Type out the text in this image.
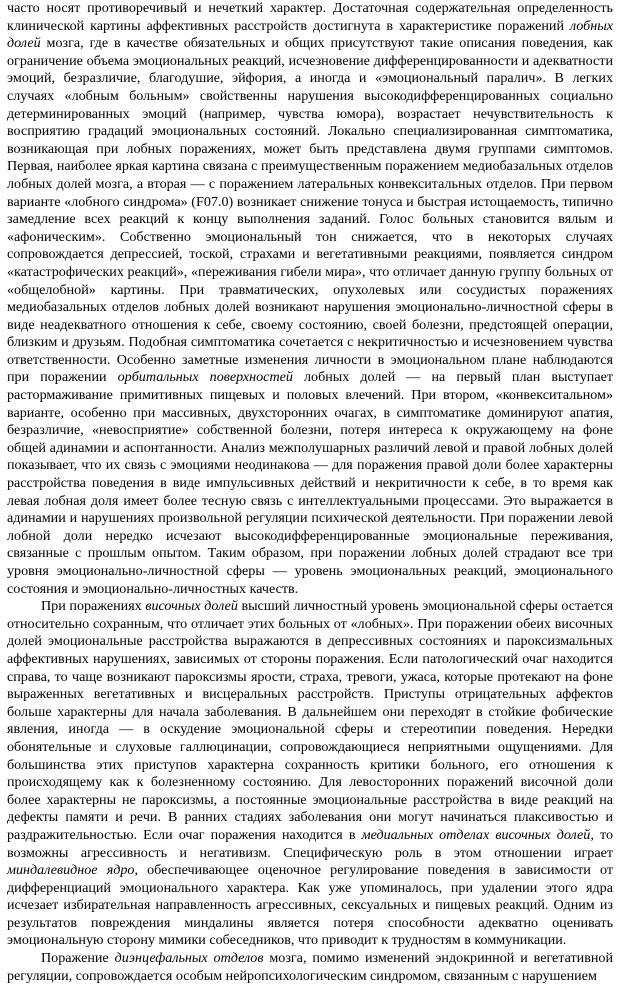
часто носят противоречивый и нечеткий характер. Достаточная содержательная определенность клинической картины аффективных расстройств достигнута в характеристике поражений лобных долей мозга, где в качестве обязательных и общих присутствуют такие описания поведения, как ограничение объема эмоциональных реакций, исчезновение дифференцированности и адекватности эмоций, безразличие, благодушие, эйфория, а иногда и «эмоциональный паралич». В легких случаях «лобным больным» свойственны нарушения высокодифференцированных социально детерминированных эмоций (например, чувства юмора), возрастает нечувствительность к восприятию градаций эмоциональных состояний. Локально специализированная симптоматика, возникающая при лобных поражениях, может быть представлена двумя группами симптомов. Первая, наиболее яркая картина связана с преимущественным поражением медиобазальных отделов лобных долей мозга, а вторая — с поражением латеральных конвекситальных отделов. При первом варианте «лобного синдрома» (F07.0) возникает снижение тонуса и быстрая истощаемость, типично замедление всех реакций к концу выполнения заданий. Голос больных становится вялым и «афоническим». Собственно эмоциональный тон снижается, что в некоторых случаях сопровождается депрессией, тоской, страхами и вегетативными реакциями, появляется синдром «катастрофических реакций», «переживания гибели мира», что отличает данную группу больных от «общелобной» картины. При травматических, опухолевых или сосудистых поражениях медиобазальных отделов лобных долей возникают нарушения эмоционально-личностной сферы в виде неадекватного отношения к себе, своему состоянию, своей болезни, предстоящей операции, близким и друзьям. Подобная симптоматика сочетается с некритичностью и исчезновением чувства ответственности. Особенно заметные изменения личности в эмоциональном плане наблюдаются при поражении орбитальных поверхностей лобных долей — на первый план выступает растормаживание примитивных пищевых и половых влечений. При втором, «конвекситальном» варианте, особенно при массивных, двухсторонних очагах, в симптоматике доминируют апатия, безразличие, «невосприятие» собственной болезни, потеря интереса к окружающему на фоне общей адинамии и аспонтанности. Анализ межполушарных различий левой и правой лобных долей показывает, что их связь с эмоциями неодинакова — для поражения правой доли более характерны расстройства поведения в виде импульсивных действий и некритичности к себе, в то время как левая лобная доля имеет более тесную связь с интеллектуальными процессами. Это выражается в адинамии и нарушениях произвольной регуляции психической деятельности. При поражении левой лобной доли нередко исчезают высокодифференцированные эмоциональные переживания, связанные с прошлым опытом. Таким образом, при поражении лобных долей страдают все три уровня эмоционально-личностной сферы — уровень эмоциональных реакций, эмоционального состояния и эмоционально-личностных качеств.

При поражениях височных долей высший личностный уровень эмоциональной сферы остается относительно сохранным, что отличает этих больных от «лобных». При поражении обеих височных долей эмоциональные расстройства выражаются в депрессивных состояниях и пароксизмальных аффективных нарушениях, зависимых от стороны поражения. Если патологический очаг находится справа, то чаще возникают пароксизмы ярости, страха, тревоги, ужаса, которые протекают на фоне выраженных вегетативных и висцеральных расстройств. Приступы отрицательных аффектов больше характерны для начала заболевания. В дальнейшем они переходят в стойкие фобические явления, иногда — в оскудение эмоциональной сферы и стереотипии поведения. Нередки обонятельные и слуховые галлюцинации, сопровождающиеся неприятными ощущениями. Для большинства этих приступов характерна сохранность критики больного, его отношения к происходящему как к болезненному состоянию. Для левосторонних поражений височной доли более характерны не пароксизмы, а постоянные эмоциональные расстройства в виде реакций на дефекты памяти и речи. В ранних стадиях заболевания они могут начинаться плаксивостью и раздражительностью. Если очаг поражения находится в медиальных отделах височных долей, то возможны агрессивность и негативизм. Специфическую роль в этом отношении играет миндалевидное ядро, обеспечивающее оценочное регулирование поведения в зависимости от дифференциаций эмоционального характера. Как уже упоминалось, при удалении этого ядра исчезает избирательная направленность агрессивных, сексуальных и пищевых реакций. Одним из результатов повреждения миндалины является потеря способности адекватно оценивать эмоциональную сторону мимики собеседников, что приводит к трудностям в коммуникации.

Поражение диэнцефальных отделов мозга, помимо изменений эндокринной и вегетативной регуляции, сопровождается особым нейропсихологическим синдромом, связанным с нарушением
